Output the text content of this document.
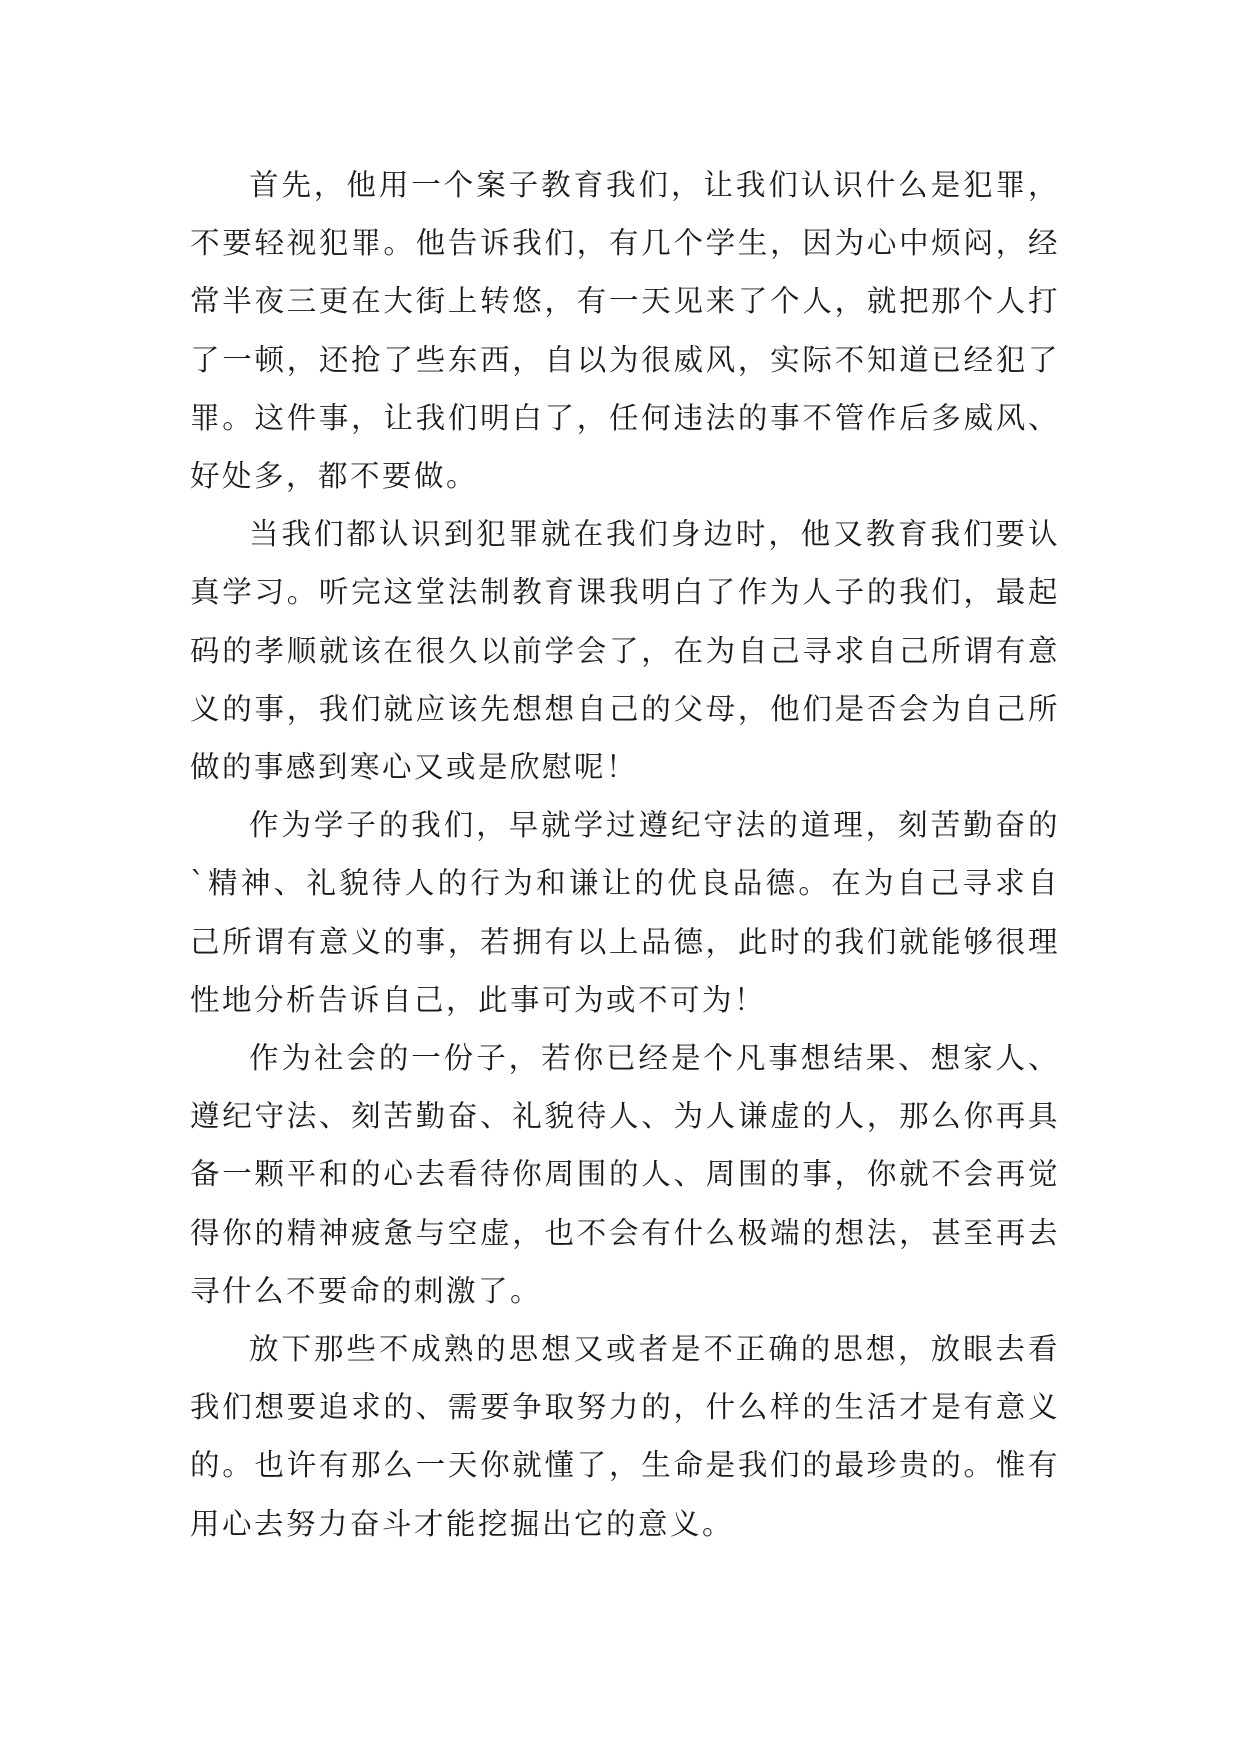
首先，他用一个案子教育我们，让我们认识什么是犯罪，不要轻视犯罪。他告诉我们，有几个学生，因为心中烦闷，经常半夜三更在大街上转悠，有一天见来了个人，就把那个人打了一顿，还抢了些东西，自以为很威风，实际不知道已经犯了罪。这件事，让我们明白了，任何违法的事不管作后多威风、好处多，都不要做。

当我们都认识到犯罪就在我们身边时，他又教育我们要认真学习。听完这堂法制教育课我明白了作为人子的我们，最起码的孝顺就该在很久以前学会了，在为自己寻求自己所谓有意义的事，我们就应该先想想自己的父母，他们是否会为自己所做的事感到寒心又或是欣慰呢！

作为学子的我们，早就学过遵纪守法的道理，刻苦勤奋的`精神、礼貌待人的行为和谦让的优良品德。在为自己寻求自己所谓有意义的事，若拥有以上品德，此时的我们就能够很理性地分析告诉自己，此事可为或不可为！

作为社会的一份子，若你已经是个凡事想结果、想家人、遵纪守法、刻苦勤奋、礼貌待人、为人谦虚的人，那么你再具备一颗平和的心去看待你周围的人、周围的事，你就不会再觉得你的精神疲惫与空虚，也不会有什么极端的想法，甚至再去寻什么不要命的刺激了。

放下那些不成熟的思想又或者是不正确的思想，放眼去看我们想要追求的、需要争取努力的，什么样的生活才是有意义的。也许有那么一天你就懂了，生命是我们的最珍贵的。惟有用心去努力奋斗才能挖掘出它的意义。
